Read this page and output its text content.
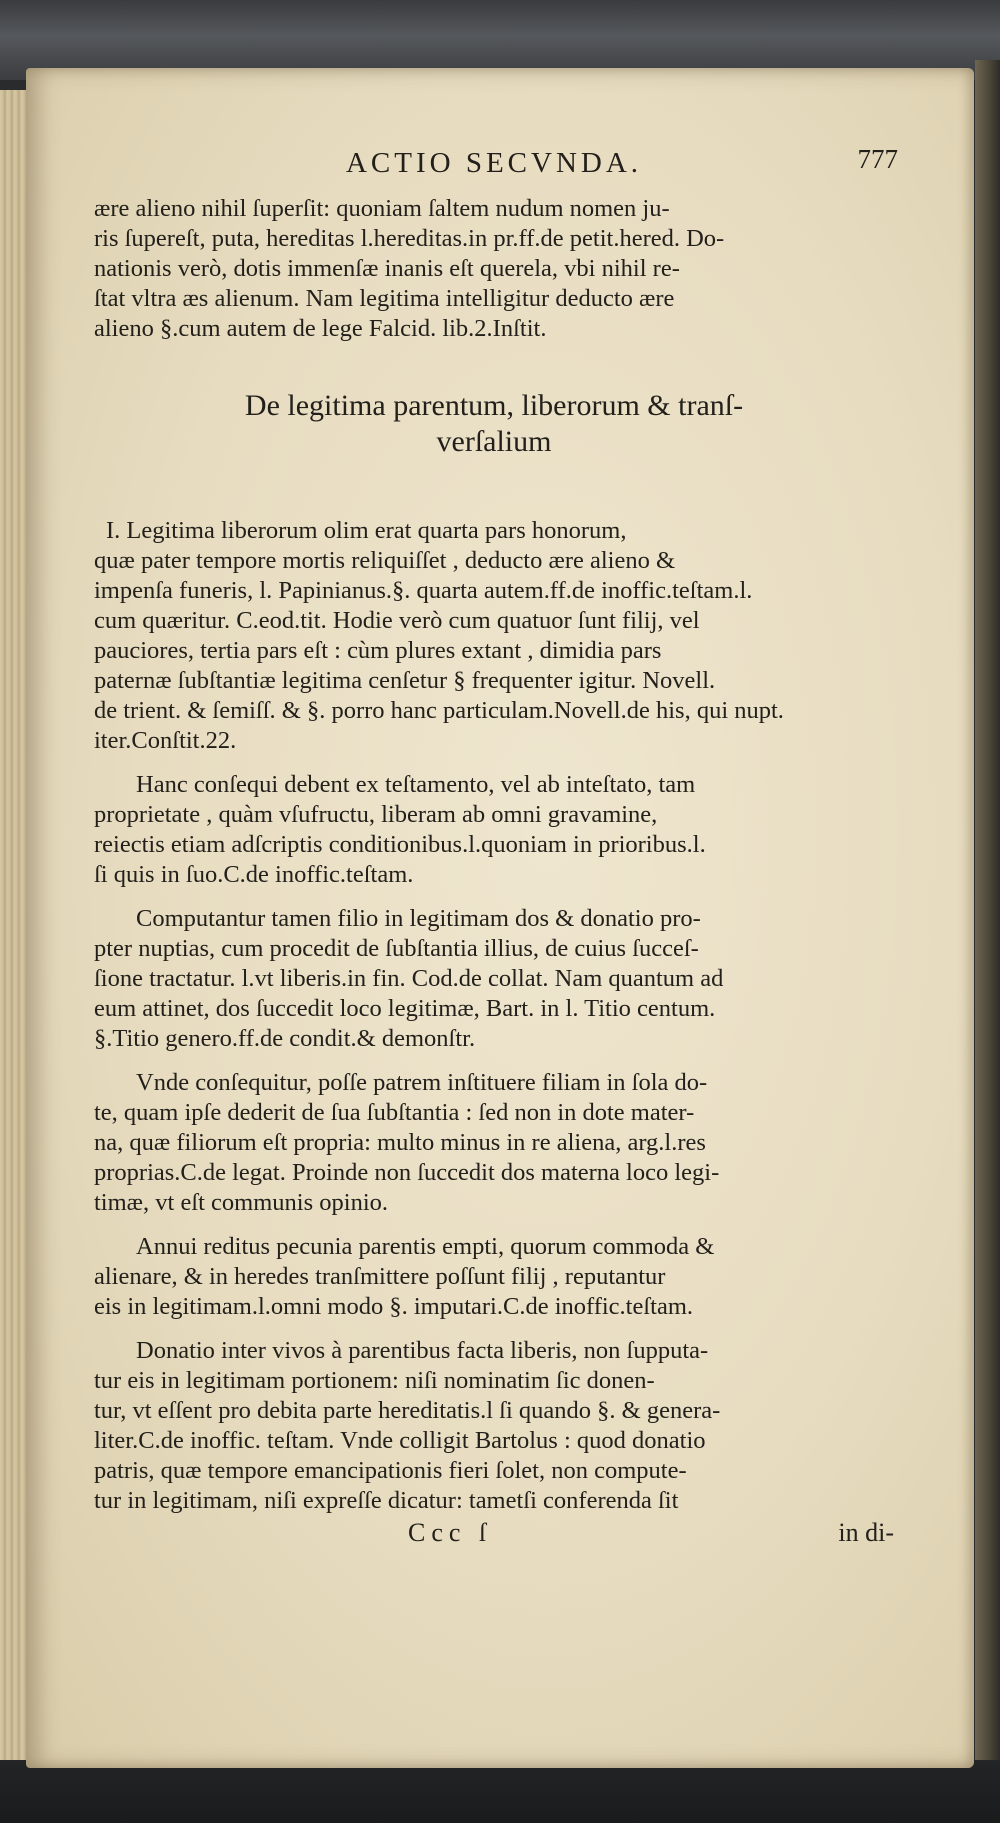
ACTIO SECVNDA.	777
ære alieno nihil ſuperſit: quoniam ſaltem nudum nomen ju-
ris ſupereſt, puta, hereditas l.hereditas.in pr.ff.de petit.hered. Do-
nationis verò, dotis immenſæ inanis eſt querela, vbi nihil re-
ſtat vltra æs alienum. Nam legitima intelligitur deducto ære
alieno §.cum autem de lege Falcid. lib.2.Inſtit.
De legitima parentum, liberorum & tranſ-
verſalium
I. Legitima liberorum olim erat quarta pars honorum,
quæ pater tempore mortis reliquiſſet , deducto ære alieno &
impenſa funeris, l. Papinianus.§. quarta autem.ff.de inoffic.teſtam.l.
cum quæritur. C.eod.tit. Hodie verò cum quatuor ſunt filij, vel
pauciores, tertia pars eſt : cùm plures extant , dimidia pars
paternæ ſubſtantiæ legitima cenſetur § frequenter igitur. Novell.
de trient. & ſemiſſ. & §. porro hanc particulam.Novell.de his, qui nupt.
iter.Conſtit.22.
Hanc conſequi debent ex teſtamento, vel ab inteſtato, tam
proprietate , quàm vſufructu, liberam ab omni gravamine,
reiectis etiam adſcriptis conditionibus.l.quoniam in prioribus.l.
ſi quis in ſuo.C.de inoffic.teſtam.
Computantur tamen filio in legitimam dos & donatio pro-
pter nuptias, cum procedit de ſubſtantia illius, de cuius ſucceſ-
ſione tractatur. l.vt liberis.in fin. Cod.de collat. Nam quantum ad
eum attinet, dos ſuccedit loco legitimæ, Bart. in l. Titio centum.
§.Titio genero.ff.de condit.& demonſtr.
Vnde conſequitur, poſſe patrem inſtituere filiam in ſola do-
te, quam ipſe dederit de ſua ſubſtantia : ſed non in dote mater-
na, quæ filiorum eſt propria: multo minus in re aliena, arg.l.res
proprias.C.de legat. Proinde non ſuccedit dos materna loco legi-
timæ, vt eſt communis opinio.
Annui reditus pecunia parentis empti, quorum commoda &
alienare, & in heredes tranſmittere poſſunt filij , reputantur
eis in legitimam.l.omni modo §. imputari.C.de inoffic.teſtam.
Donatio inter vivos à parentibus facta liberis, non ſupputa-
tur eis in legitimam portionem: niſi nominatim ſic donen-
tur, vt eſſent pro debita parte hereditatis.l ſi quando §. & genera-
liter.C.de inoffic. teſtam. Vnde colligit Bartolus : quod donatio
patris, quæ tempore emancipationis fieri ſolet, non compute-
tur in legitimam, niſi expreſſe dicatur: tametſi conferenda ſit
Ccc ſ	in di-
